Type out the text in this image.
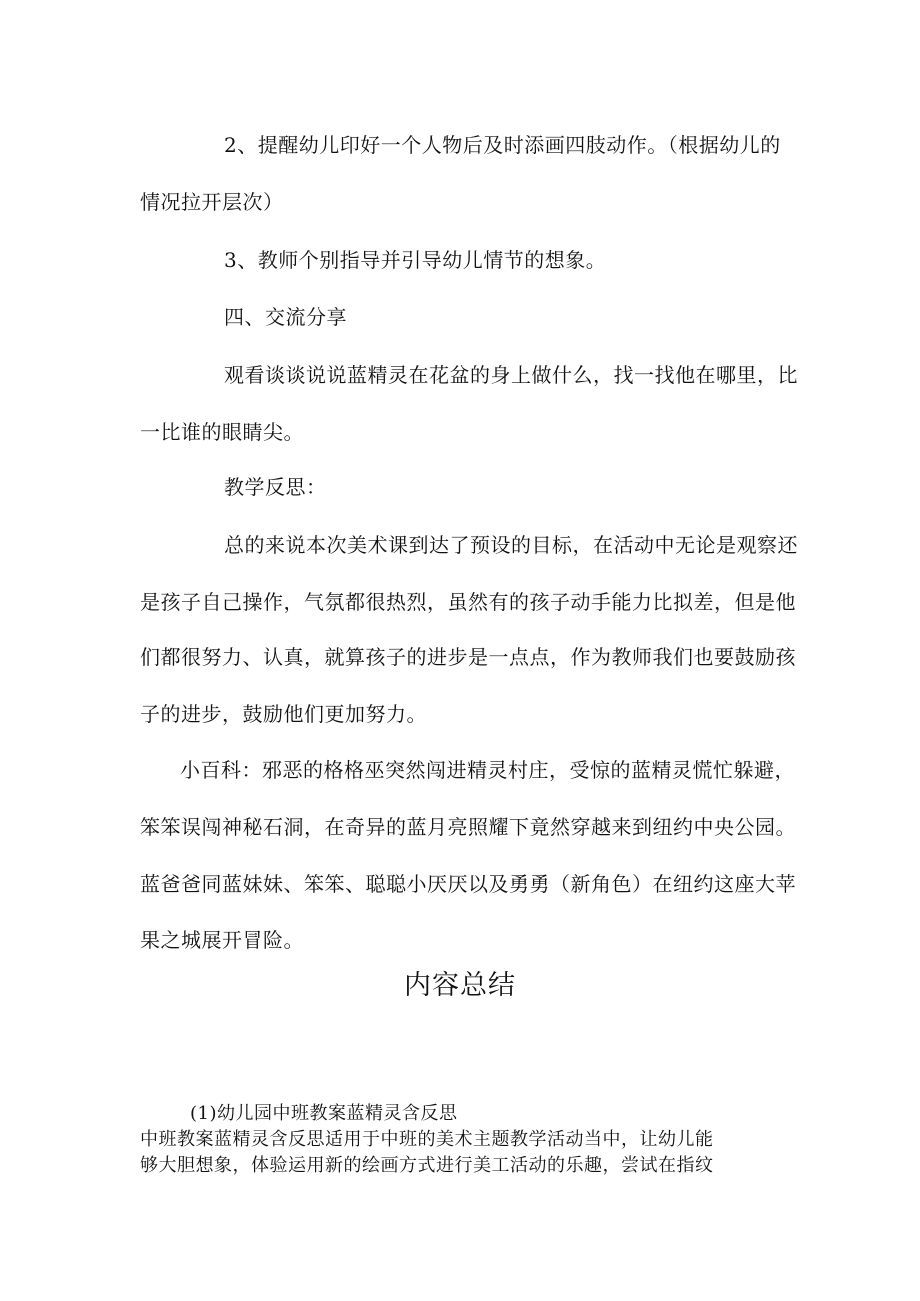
2、提醒幼儿印好一个人物后及时添画四肢动作。（根据幼儿的
情况拉开层次）
3、教师个别指导并引导幼儿情节的想象。
四、交流分享
观看谈谈说说蓝精灵在花盆的身上做什么，找一找他在哪里，比
一比谁的眼睛尖。
教学反思：
总的来说本次美术课到达了预设的目标，在活动中无论是观察还
是孩子自己操作，气氛都很热烈，虽然有的孩子动手能力比拟差，但是他
们都很努力、认真，就算孩子的进步是一点点，作为教师我们也要鼓励孩
子的进步，鼓励他们更加努力。
小百科：邪恶的格格巫突然闯进精灵村庄，受惊的蓝精灵慌忙躲避，
笨笨误闯神秘石洞，在奇异的蓝月亮照耀下竟然穿越来到纽约中央公园。
蓝爸爸同蓝妹妹、笨笨、聪聪小厌厌以及勇勇（新角色）在纽约这座大苹
果之城展开冒险。
内容总结
(1)幼儿园中班教案蓝精灵含反思
中班教案蓝精灵含反思适用于中班的美术主题教学活动当中，让幼儿能
够大胆想象，体验运用新的绘画方式进行美工活动的乐趣，尝试在指纹
